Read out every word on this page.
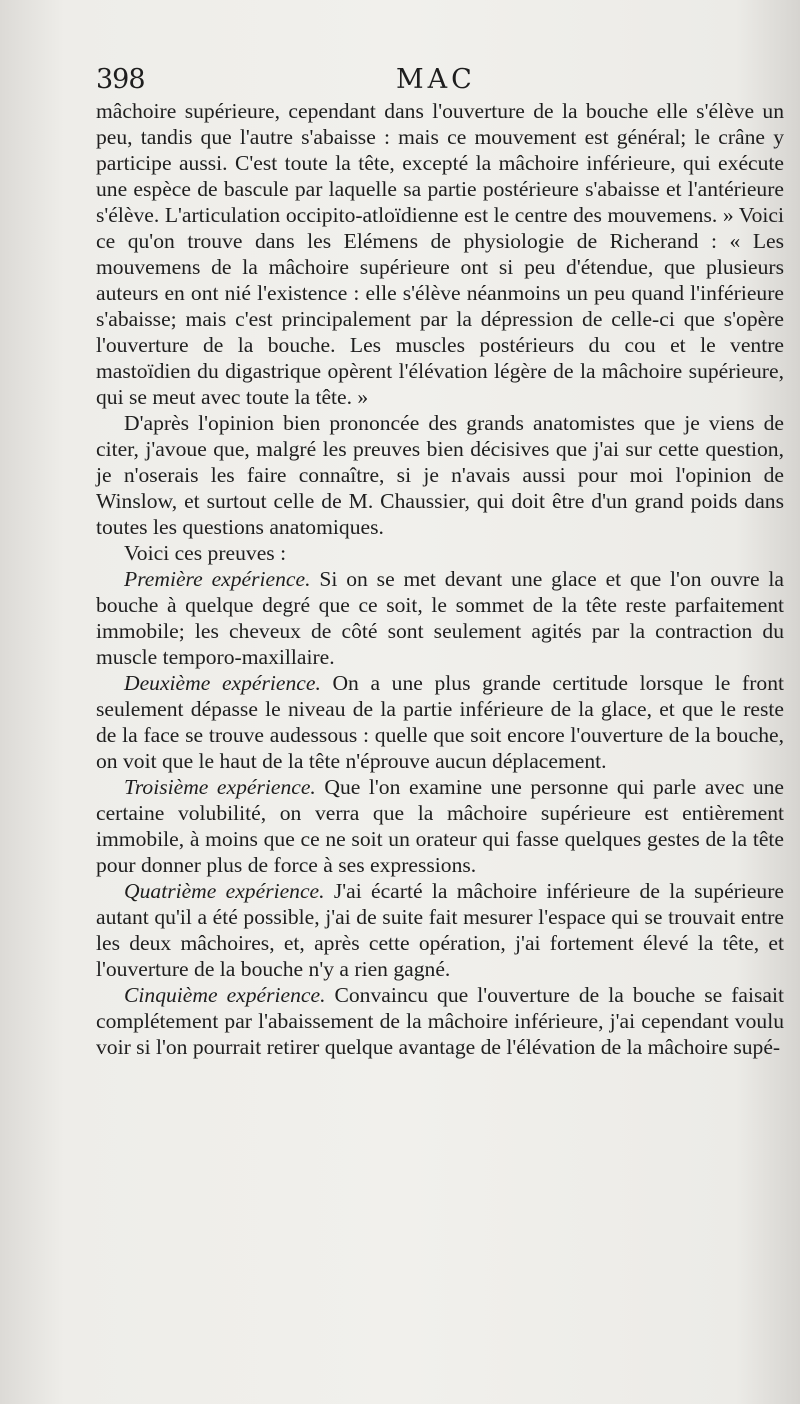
398	MAC

mâchoire supérieure, cependant dans l'ouverture de la bouche elle s'élève un peu, tandis que l'autre s'abaisse : mais ce mouvement est général; le crâne y participe aussi. C'est toute la tête, excepté la mâchoire inférieure, qui exécute une espèce de bascule par laquelle sa partie postérieure s'abaisse et l'antérieure s'élève. L'articulation occipito-atloïdienne est le centre des mouvemens. » Voici ce qu'on trouve dans les Elémens de physiologie de Richerand : « Les mouvemens de la mâchoire supérieure ont si peu d'étendue, que plusieurs auteurs en ont nié l'existence : elle s'élève néanmoins un peu quand l'inférieure s'abaisse; mais c'est principalement par la dépression de celle-ci que s'opère l'ouverture de la bouche. Les muscles postérieurs du cou et le ventre mastoïdien du digastrique opèrent l'élévation légère de la mâchoire supérieure, qui se meut avec toute la tête. »

D'après l'opinion bien prononcée des grands anatomistes que je viens de citer, j'avoue que, malgré les preuves bien décisives que j'ai sur cette question, je n'oserais les faire connaître, si je n'avais aussi pour moi l'opinion de Winslow, et surtout celle de M. Chaussier, qui doit être d'un grand poids dans toutes les questions anatomiques.

Voici ces preuves :

Première expérience. Si on se met devant une glace et que l'on ouvre la bouche à quelque degré que ce soit, le sommet de la tête reste parfaitement immobile; les cheveux de côté sont seulement agités par la contraction du muscle temporo-maxillaire.

Deuxième expérience. On a une plus grande certitude lorsque le front seulement dépasse le niveau de la partie inférieure de la glace, et que le reste de la face se trouve audessous : quelle que soit encore l'ouverture de la bouche, on voit que le haut de la tête n'éprouve aucun déplacement.

Troisième expérience. Que l'on examine une personne qui parle avec une certaine volubilité, on verra que la mâchoire supérieure est entièrement immobile, à moins que ce ne soit un orateur qui fasse quelques gestes de la tête pour donner plus de force à ses expressions.

Quatrième expérience. J'ai écarté la mâchoire inférieure de la supérieure autant qu'il a été possible, j'ai de suite fait mesurer l'espace qui se trouvait entre les deux mâchoires, et, après cette opération, j'ai fortement élevé la tête, et l'ouverture de la bouche n'y a rien gagné.

Cinquième expérience. Convaincu que l'ouverture de la bouche se faisait complétement par l'abaissement de la mâchoire inférieure, j'ai cependant voulu voir si l'on pourrait retirer quelque avantage de l'élévation de la mâchoire supé-
